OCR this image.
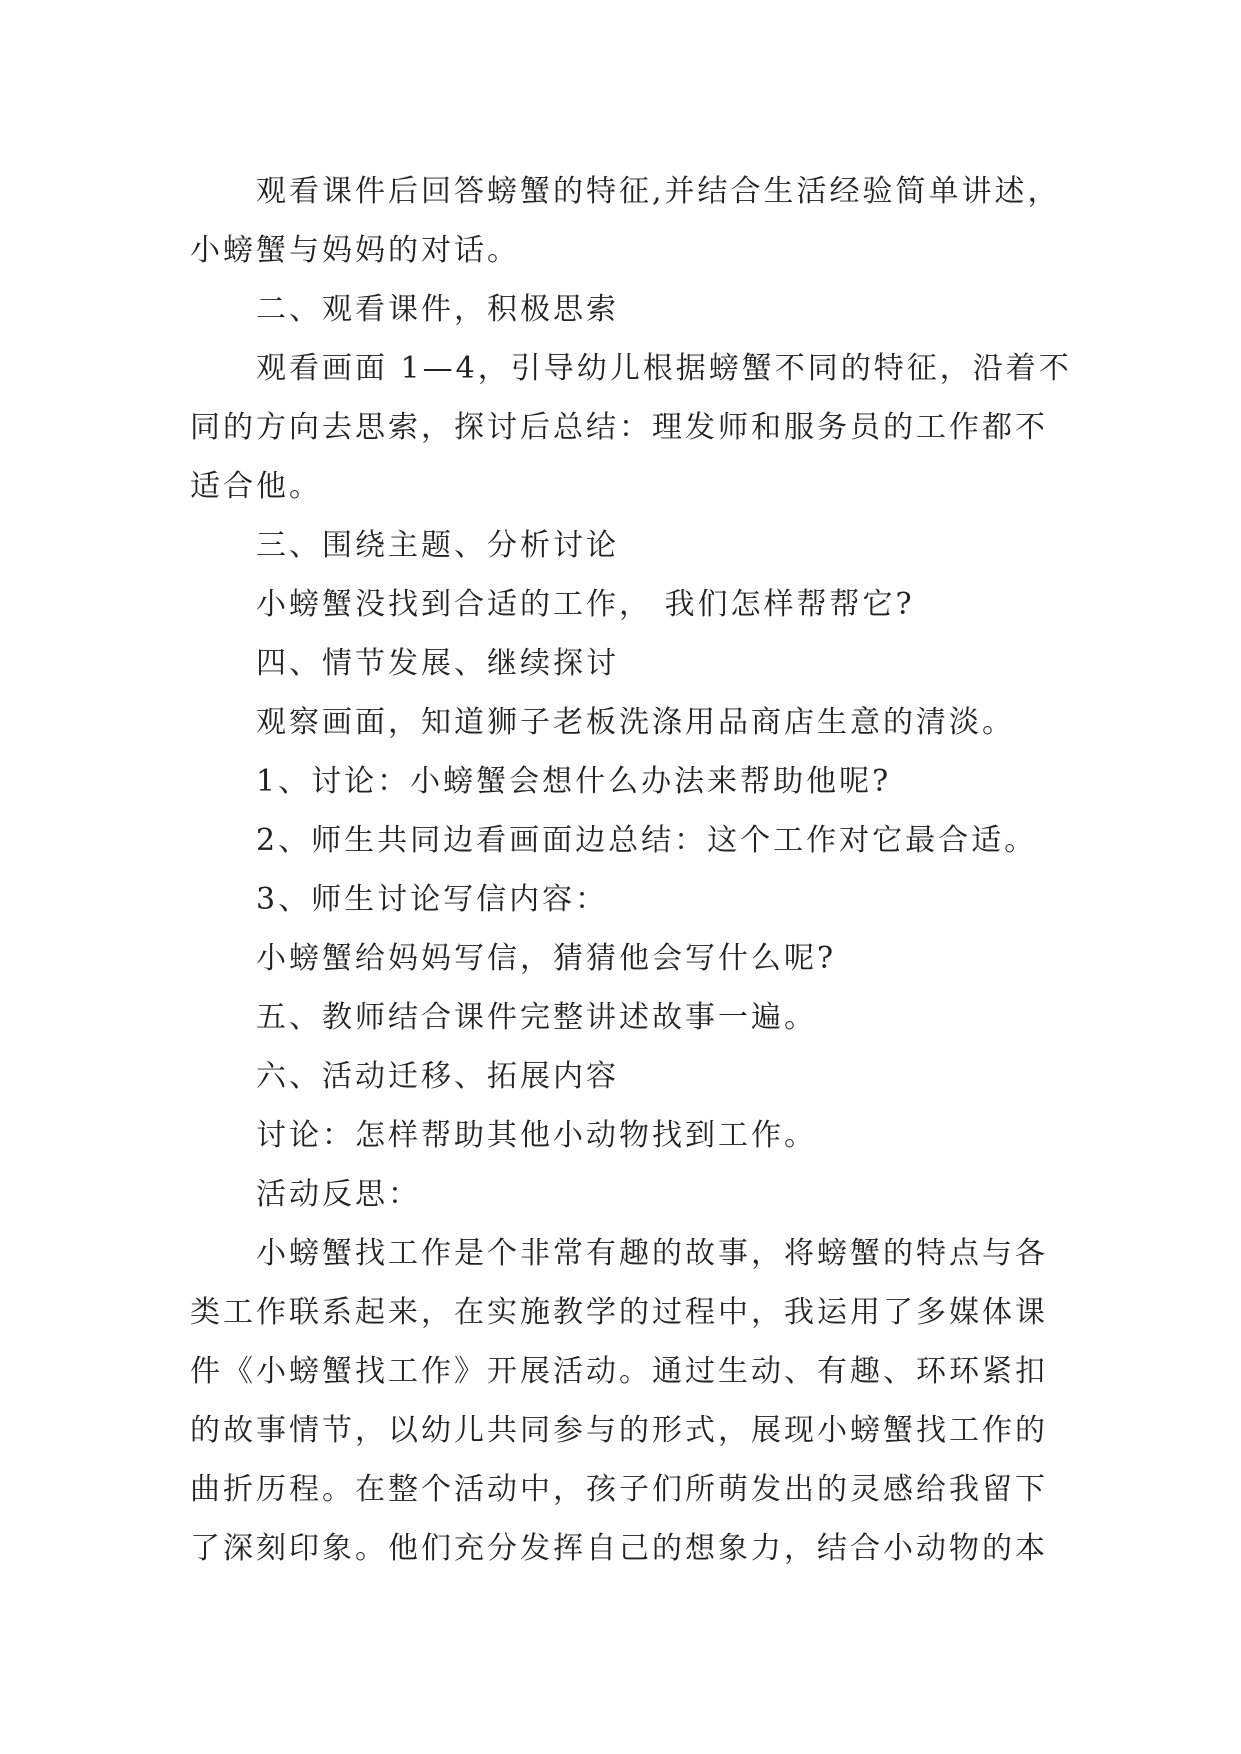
观看课件后回答螃蟹的特征,并结合生活经验简单讲述，
小螃蟹与妈妈的对话。
二、观看课件，积极思索
观看画面 1—4，引导幼儿根据螃蟹不同的特征，沿着不
同的方向去思索，探讨后总结：理发师和服务员的工作都不
适合他。
三、围绕主题、分析讨论
小螃蟹没找到合适的工作， 我们怎样帮帮它?
四、情节发展、继续探讨
观察画面，知道狮子老板洗涤用品商店生意的清淡。
1、讨论：小螃蟹会想什么办法来帮助他呢?
2、师生共同边看画面边总结：这个工作对它最合适。
3、师生讨论写信内容：
小螃蟹给妈妈写信，猜猜他会写什么呢?
五、教师结合课件完整讲述故事一遍。
六、活动迁移、拓展内容
讨论：怎样帮助其他小动物找到工作。
活动反思：
小螃蟹找工作是个非常有趣的故事，将螃蟹的特点与各
类工作联系起来，在实施教学的过程中，我运用了多媒体课
件《小螃蟹找工作》开展活动。通过生动、有趣、环环紧扣
的故事情节，以幼儿共同参与的形式，展现小螃蟹找工作的
曲折历程。在整个活动中，孩子们所萌发出的灵感给我留下
了深刻印象。他们充分发挥自己的想象力，结合小动物的本
